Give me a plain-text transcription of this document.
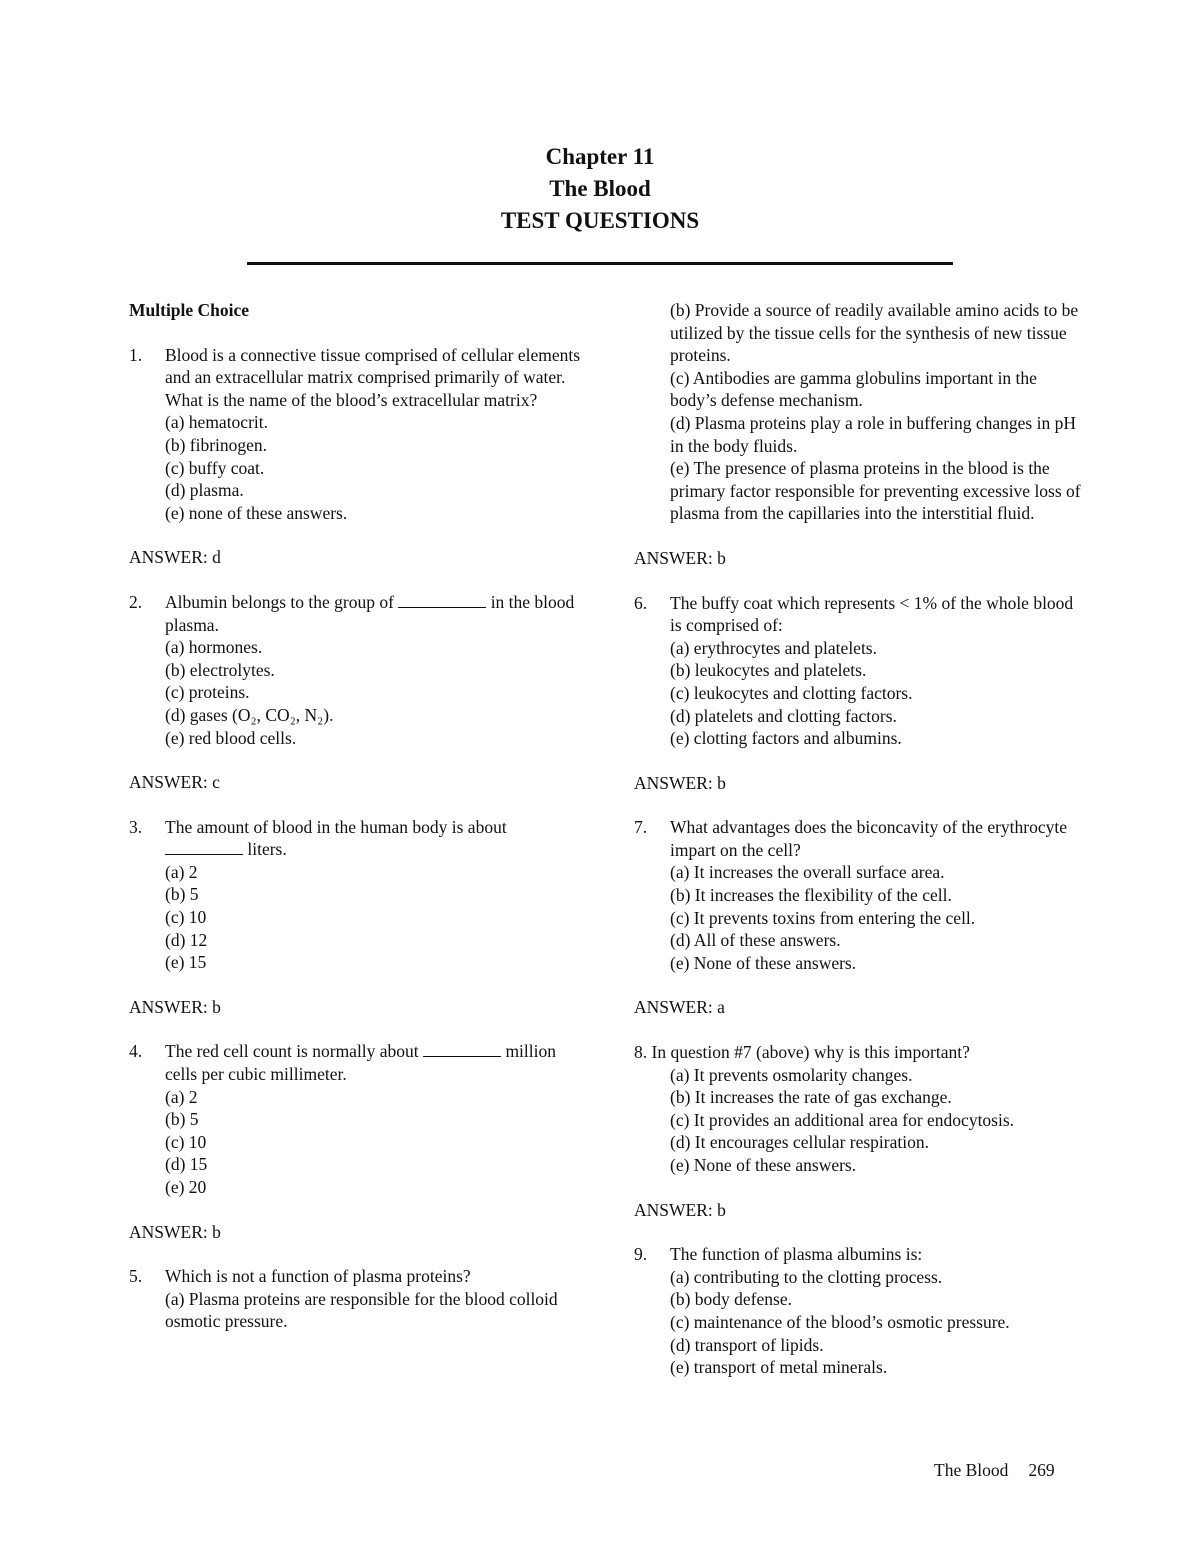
Chapter 11
The Blood
TEST QUESTIONS
Multiple Choice
1.	Blood is a connective tissue comprised of cellular elements and an extracellular matrix comprised primarily of water. What is the name of the blood’s extracellular matrix?
(a) hematocrit.
(b) fibrinogen.
(c) buffy coat.
(d) plasma.
(e) none of these answers.
ANSWER: d
2.	Albumin belongs to the group of	in the blood plasma.
(a) hormones.
(b) electrolytes.
(c) proteins.
(d) gases (O₂, CO₂, N₂).
(e) red blood cells.
ANSWER: c
3.	The amount of blood in the human body is about  liters.
(a) 2
(b) 5
(c) 10
(d) 12
(e) 15
ANSWER: b
4.	The red cell count is normally about	million cells per cubic millimeter.
(a) 2
(b) 5
(c) 10
(d) 15
(e) 20
ANSWER: b
5.	Which is not a function of plasma proteins?
(a) Plasma proteins are responsible for the blood colloid osmotic pressure.
(b) Provide a source of readily available amino acids to be utilized by the tissue cells for the synthesis of new tissue proteins.
(c) Antibodies are gamma globulins important in the body’s defense mechanism.
(d) Plasma proteins play a role in buffering changes in pH in the body fluids.
(e) The presence of plasma proteins in the blood is the primary factor responsible for preventing excessive loss of plasma from the capillaries into the interstitial fluid.
ANSWER: b
6.	The buffy coat which represents < 1% of the whole blood is comprised of:
(a) erythrocytes and platelets.
(b) leukocytes and platelets.
(c) leukocytes and clotting factors.
(d) platelets and clotting factors.
(e) clotting factors and albumins.
ANSWER: b
7.	What advantages does the biconcavity of the erythrocyte impart on the cell?
(a) It increases the overall surface area.
(b) It increases the flexibility of the cell.
(c) It prevents toxins from entering the cell.
(d) All of these answers.
(e) None of these answers.
ANSWER: a
8. In question #7 (above) why is this important?
(a) It prevents osmolarity changes.
(b) It increases the rate of gas exchange.
(c) It provides an additional area for endocytosis.
(d) It encourages cellular respiration.
(e) None of these answers.
ANSWER: b
9.	The function of plasma albumins is:
(a) contributing to the clotting process.
(b) body defense.
(c) maintenance of the blood’s osmotic pressure.
(d) transport of lipids.
(e) transport of metal minerals.
The Blood 269
